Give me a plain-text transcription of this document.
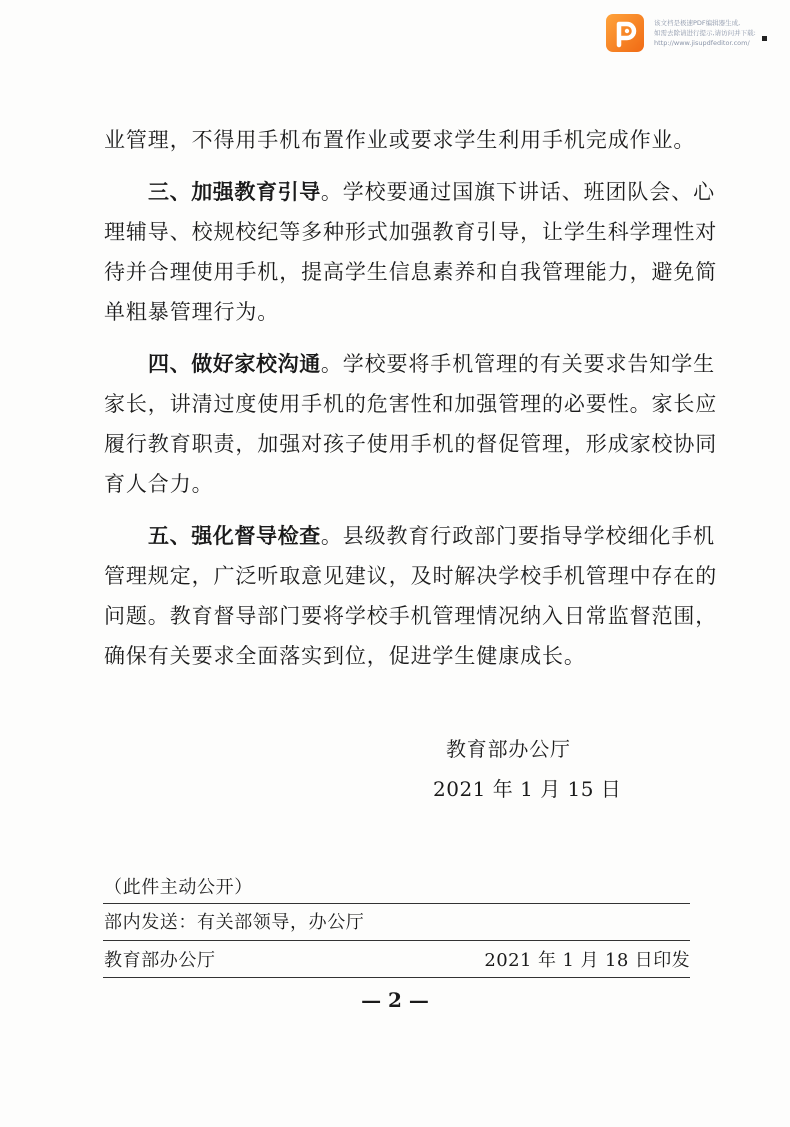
该文档是极速PDF编辑器生成,
如需去除请进行提示,请访问并下载:
http://www.jisupdfeditor.com/
业管理，不得用手机布置作业或要求学生利用手机完成作业。
三、加强教育引导。学校要通过国旗下讲话、班团队会、心
理辅导、校规校纪等多种形式加强教育引导，让学生科学理性对
待并合理使用手机，提高学生信息素养和自我管理能力，避免简
单粗暴管理行为。
四、做好家校沟通。学校要将手机管理的有关要求告知学生
家长，讲清过度使用手机的危害性和加强管理的必要性。家长应
履行教育职责，加强对孩子使用手机的督促管理，形成家校协同
育人合力。
五、强化督导检查。县级教育行政部门要指导学校细化手机
管理规定，广泛听取意见建议，及时解决学校手机管理中存在的
问题。教育督导部门要将学校手机管理情况纳入日常监督范围，
确保有关要求全面落实到位，促进学生健康成长。
教育部办公厅
2021 年 1 月 15 日
（此件主动公开）
部内发送：有关部领导，办公厅
教育部办公厅	2021 年 1 月 18 日印发
— 2 —
